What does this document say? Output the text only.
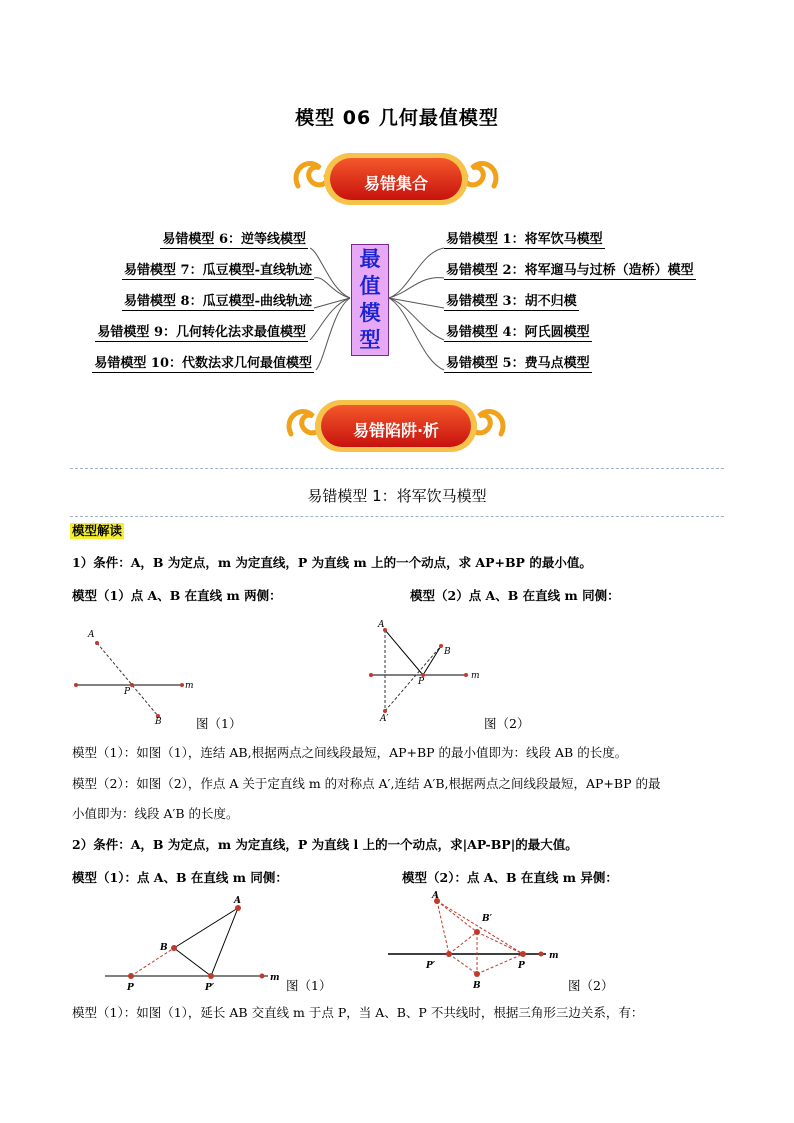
模型 06 几何最值模型
易错集合
易错模型 6：逆等线模型
易错模型 7：瓜豆模型-直线轨迹
易错模型 8：瓜豆模型-曲线轨迹
易错模型 9：几何转化法求最值模型
易错模型 10：代数法求几何最值模型
最
值
模
型
易错模型 1：将军饮马模型
易错模型 2：将军遛马与过桥（造桥）模型
易错模型 3：胡不归模
易错模型 4：阿氏圆模型
易错模型 5：费马点模型
易错陷阱·析
易错模型 1：将军饮马模型
模型解读
1）条件：A，B 为定点，m 为定直线，P 为直线 m 上的一个动点，求 AP+BP 的最小值。
模型（1）点 A、B 在直线 m 两侧：	模型（2）点 A、B 在直线 m 同侧：
A
B
P
m
图（1）
A
B
P
m
A′	图（2）
模型（1）：如图（1），连结 AB,根据两点之间线段最短，AP+BP 的最小值即为：线段 AB 的长度。
模型（2）：如图（2），作点 A 关于定直线 m 的对称点 A′,连结 A′B,根据两点之间线段最短，AP+BP 的最
小值即为：线段 A′B 的长度。
2）条件：A，B 为定点，m 为定直线，P 为直线 l 上的一个动点，求|AP-BP|的最大值。
模型（1）：点 A、B 在直线 m 同侧：	模型（2）：点 A、B 在直线 m 异侧：
A
B
P	P′
m 图（1）
A
B′
P′	P
B
m
图（2）
模型（1）：如图（1），延长 AB 交直线 m 于点 P，当 A、B、P 不共线时，根据三角形三边关系，有：
